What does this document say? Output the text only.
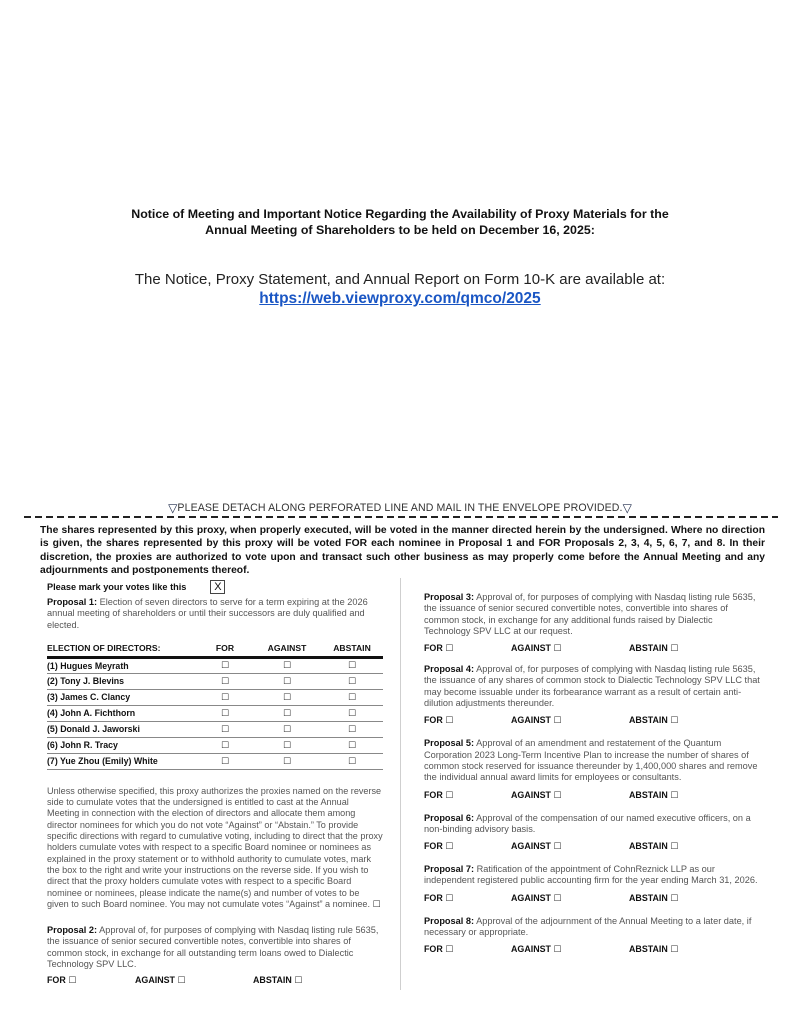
Notice of Meeting and Important Notice Regarding the Availability of Proxy Materials for the
Annual Meeting of Shareholders to be held on December 16, 2025:
The Notice, Proxy Statement, and Annual Report on Form 10-K are available at:
https://web.viewproxy.com/qmco/2025
▽PLEASE DETACH ALONG PERFORATED LINE AND MAIL IN THE ENVELOPE PROVIDED.▽
The shares represented by this proxy, when properly executed, will be voted in the manner directed herein by the undersigned. Where no direction is given, the shares represented by this proxy will be voted FOR each nominee in Proposal 1 and FOR Proposals 2, 3, 4, 5, 6, 7, and 8. In their discretion, the proxies are authorized to vote upon and transact such other business as may properly come before the Annual Meeting and any adjournments and postponements thereof.
Please mark your votes like this	X
Proposal 1: Election of seven directors to serve for a term expiring at the 2026 annual meeting of shareholders or until their successors are duly qualified and elected.
ELECTION OF DIRECTORS:	FOR	AGAINST	ABSTAIN
(1) Hugues Meyrath	☐	☐	☐
(2) Tony J. Blevins	☐	☐	☐
(3) James C. Clancy	☐	☐	☐
(4) John A. Fichthorn	☐	☐	☐
(5) Donald J. Jaworski	☐	☐	☐
(6) John R. Tracy	☐	☐	☐
(7) Yue Zhou (Emily) White	☐	☐	☐
Unless otherwise specified, this proxy authorizes the proxies named on the reverse side to cumulate votes that the undersigned is entitled to cast at the Annual Meeting in connection with the election of directors and allocate them among director nominees for which you do not vote “Against” or “Abstain.” To provide specific directions with regard to cumulative voting, including to direct that the proxy holders cumulate votes with respect to a specific Board nominee or nominees as explained in the proxy statement or to withhold authority to cumulate votes, mark the box to the right and write your instructions on the reverse side. If you wish to direct that the proxy holders cumulate votes with respect to a specific Board nominee or nominees, please indicate the name(s) and number of votes to be given to such Board nominee. You may not cumulate votes “Against” a nominee. ☐
Proposal 2: Approval of, for purposes of complying with Nasdaq listing rule 5635, the issuance of senior secured convertible notes, convertible into shares of common stock, in exchange for all outstanding term loans owed to Dialectic Technology SPV LLC.
FOR ☐	AGAINST ☐	ABSTAIN ☐
Proposal 3: Approval of, for purposes of complying with Nasdaq listing rule 5635, the issuance of senior secured convertible notes, convertible into shares of common stock, in exchange for any additional funds raised by Dialectic Technology SPV LLC at our request.
FOR ☐	AGAINST ☐	ABSTAIN ☐
Proposal 4: Approval of, for purposes of complying with Nasdaq listing rule 5635, the issuance of any shares of common stock to Dialectic Technology SPV LLC that may become issuable under its forbearance warrant as a result of certain anti-dilution adjustments thereunder.
FOR ☐	AGAINST ☐	ABSTAIN ☐
Proposal 5: Approval of an amendment and restatement of the Quantum Corporation 2023 Long-Term Incentive Plan to increase the number of shares of common stock reserved for issuance thereunder by 1,400,000 shares and remove the individual annual award limits for employees or consultants.
FOR ☐	AGAINST ☐	ABSTAIN ☐
Proposal 6: Approval of the compensation of our named executive officers, on a non-binding advisory basis.
FOR ☐	AGAINST ☐	ABSTAIN ☐
Proposal 7: Ratification of the appointment of CohnReznick LLP as our independent registered public accounting firm for the year ending March 31, 2026.
FOR ☐	AGAINST ☐	ABSTAIN ☐
Proposal 8: Approval of the adjournment of the Annual Meeting to a later date, if necessary or appropriate.
FOR ☐	AGAINST ☐	ABSTAIN ☐
